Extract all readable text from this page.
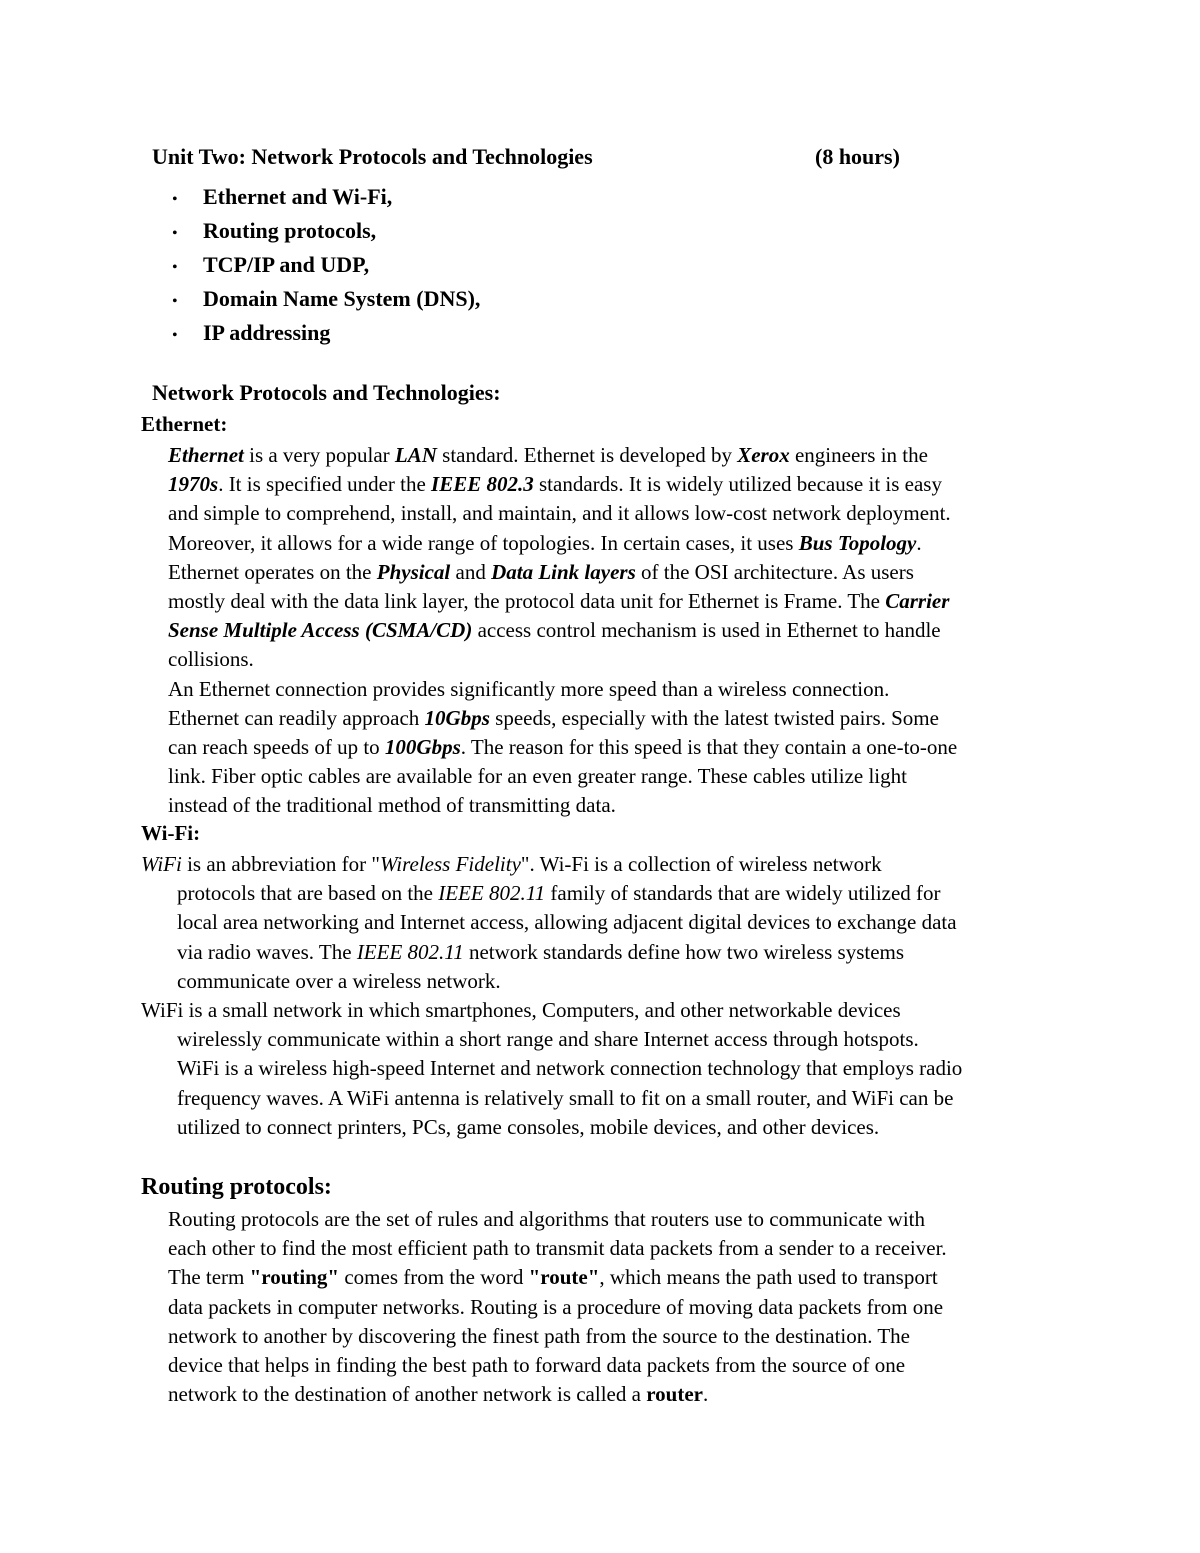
Unit Two: Network Protocols and Technologies	(8 hours)
• Ethernet and Wi-Fi,
• Routing protocols,
• TCP/IP and UDP,
• Domain Name System (DNS),
• IP addressing
Network Protocols and Technologies:
Ethernet:
Ethernet is a very popular LAN standard. Ethernet is developed by Xerox engineers in the
1970s. It is specified under the IEEE 802.3 standards. It is widely utilized because it is easy
and simple to comprehend, install, and maintain, and it allows low-cost network deployment.
Moreover, it allows for a wide range of topologies. In certain cases, it uses Bus Topology.
Ethernet operates on the Physical and Data Link layers of the OSI architecture. As users
mostly deal with the data link layer, the protocol data unit for Ethernet is Frame. The Carrier
Sense Multiple Access (CSMA/CD) access control mechanism is used in Ethernet to handle
collisions.
An Ethernet connection provides significantly more speed than a wireless connection.
Ethernet can readily approach 10Gbps speeds, especially with the latest twisted pairs. Some
can reach speeds of up to 100Gbps. The reason for this speed is that they contain a one-to-one
link. Fiber optic cables are available for an even greater range. These cables utilize light
instead of the traditional method of transmitting data.
Wi-Fi:
WiFi is an abbreviation for "Wireless Fidelity". Wi-Fi is a collection of wireless network
protocols that are based on the IEEE 802.11 family of standards that are widely utilized for
local area networking and Internet access, allowing adjacent digital devices to exchange data
via radio waves. The IEEE 802.11 network standards define how two wireless systems
communicate over a wireless network.
WiFi is a small network in which smartphones, Computers, and other networkable devices
wirelessly communicate within a short range and share Internet access through hotspots.
WiFi is a wireless high-speed Internet and network connection technology that employs radio
frequency waves. A WiFi antenna is relatively small to fit on a small router, and WiFi can be
utilized to connect printers, PCs, game consoles, mobile devices, and other devices.
Routing protocols:
Routing protocols are the set of rules and algorithms that routers use to communicate with
each other to find the most efficient path to transmit data packets from a sender to a receiver.
The term "routing" comes from the word "route", which means the path used to transport
data packets in computer networks. Routing is a procedure of moving data packets from one
network to another by discovering the finest path from the source to the destination. The
device that helps in finding the best path to forward data packets from the source of one
network to the destination of another network is called a router.
